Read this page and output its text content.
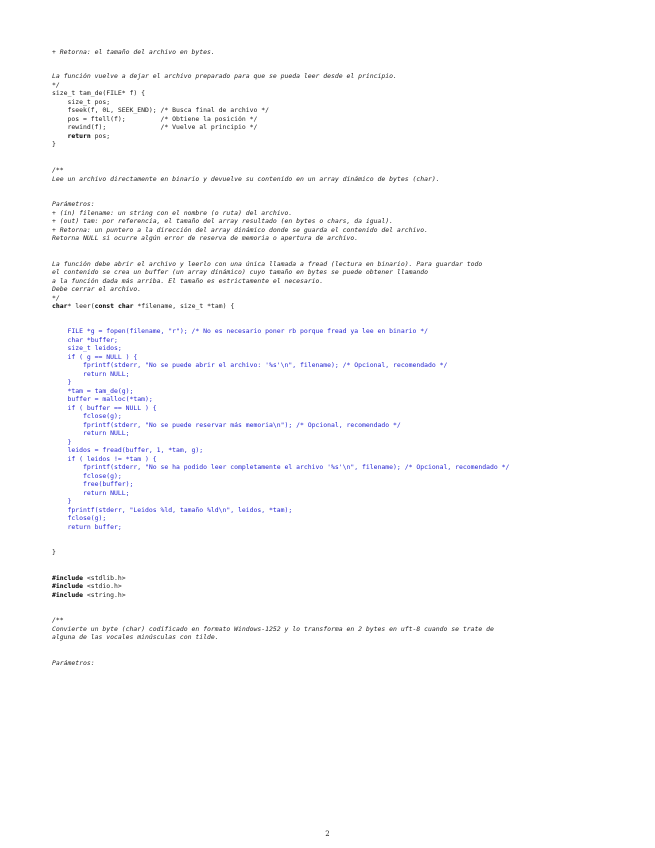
+ Retorna: el tamaño del archivo en bytes.
La función vuelve a dejar el archivo preparado para que se pueda leer desde el principio.
*/
size_t tam_de(FILE* f) {
size_t pos;
fseek(f, 0L, SEEK_END); /* Busca final de archivo */
pos = ftell(f);         /* Obtiene la posición */
rewind(f);              /* Vuelve al principio */
return pos;
}
/**
Lee un archivo directamente en binario y devuelve su contenido en un array dinámico de bytes (char).
Parámetros:
+ (in) filename: un string con el nombre (o ruta) del archivo.
+ (out) tam: por referencia, el tamaño del array resultado (en bytes o chars, da igual).
+ Retorna: un puntero a la dirección del array dinámico donde se guarda el contenido del archivo.
Retorna NULL si ocurre algún error de reserva de memoria o apertura de archivo.
La función debe abrir el archivo y leerlo con una única llamada a fread (lectura en binario). Para guardar todo
el contenido se crea un buffer (un array dinámico) cuyo tamaño en bytes se puede obtener llamando
a la función dada más arriba. El tamaño es estrictamente el necesario.
Debe cerrar el archivo.
*/
char* leer(const char *filename, size_t *tam) {
FILE *g = fopen(filename, "r"); /* No es necesario poner rb porque fread ya lee en binario */
char *buffer;
size_t leidos;
if ( g == NULL ) {
fprintf(stderr, "No se puede abrir el archivo: '%s'\n", filename); /* Opcional, recomendado */
return NULL;
}
*tam = tam_de(g);
buffer = malloc(*tam);
if ( buffer == NULL ) {
fclose(g);
fprintf(stderr, "No se puede reservar más memoria\n"); /* Opcional, recomendado */
return NULL;
}
leidos = fread(buffer, 1, *tam, g);
if ( leidos != *tam ) {
fprintf(stderr, "No se ha podido leer completamente el archivo '%s'\n", filename); /* Opcional, recomendado */
fclose(g);
free(buffer);
return NULL;
}
fprintf(stderr, "Leidos %ld, tamaño %ld\n", leidos, *tam);
fclose(g);
return buffer;
}
#include <stdlib.h>
#include <stdio.h>
#include <string.h>
/**
Convierte un byte (char) codificado en formato Windows-1252 y lo transforma en 2 bytes en uft-8 cuando se trate de
alguna de las vocales minúsculas con tilde.
Parámetros:
2
